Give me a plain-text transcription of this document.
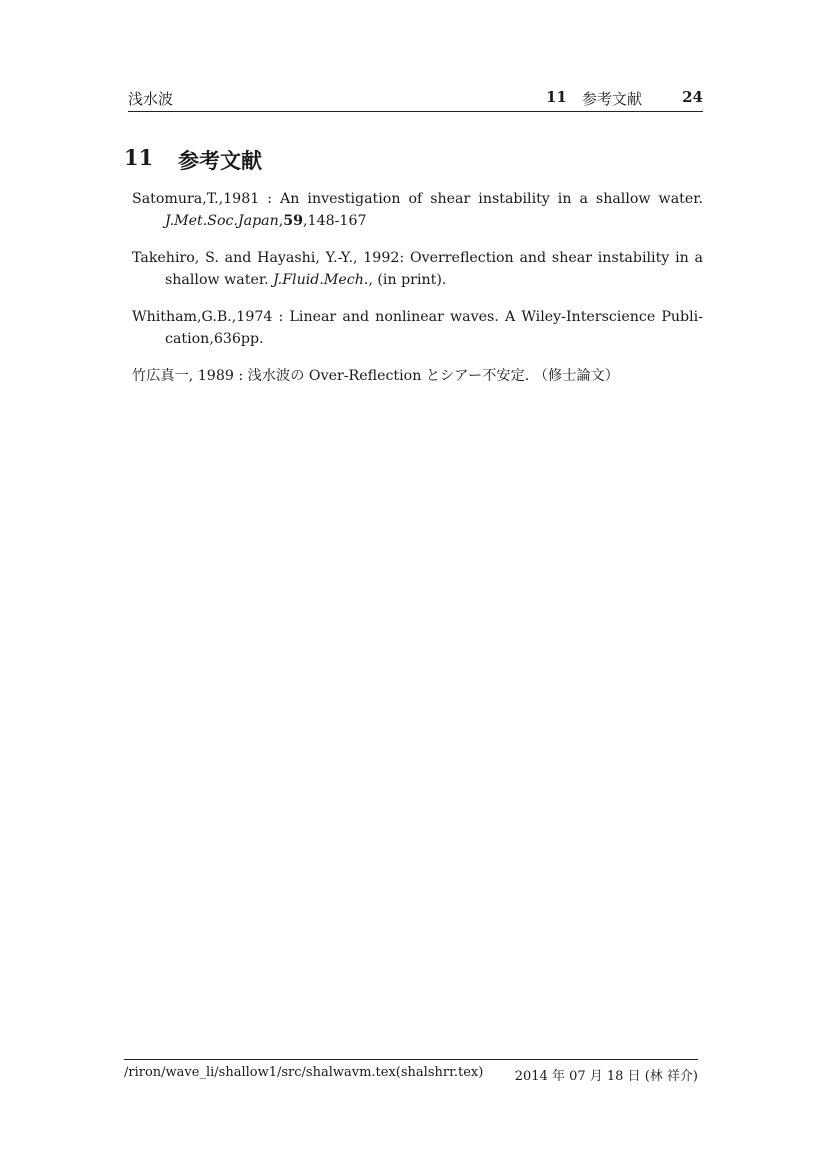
浅水波	11 参考文献	24
11 参考文献
Satomura,T.,1981 : An investigation of shear instability in a shallow water.
J.Met.Soc.Japan,59,148-167
Takehiro, S. and Hayashi, Y.-Y., 1992: Overreflection and shear instability in a
shallow water. J.Fluid.Mech., (in print).
Whitham,G.B.,1974 : Linear and nonlinear waves. A Wiley-Interscience Publi-
cation,636pp.
竹広真一, 1989 : 浅水波の Over-Reflection とシアー不安定. （修士論文）
/riron/wave_li/shallow1/src/shalwavm.tex(shalshrr.tex) 2014 年 07 月 18 日 (林 祥介)
